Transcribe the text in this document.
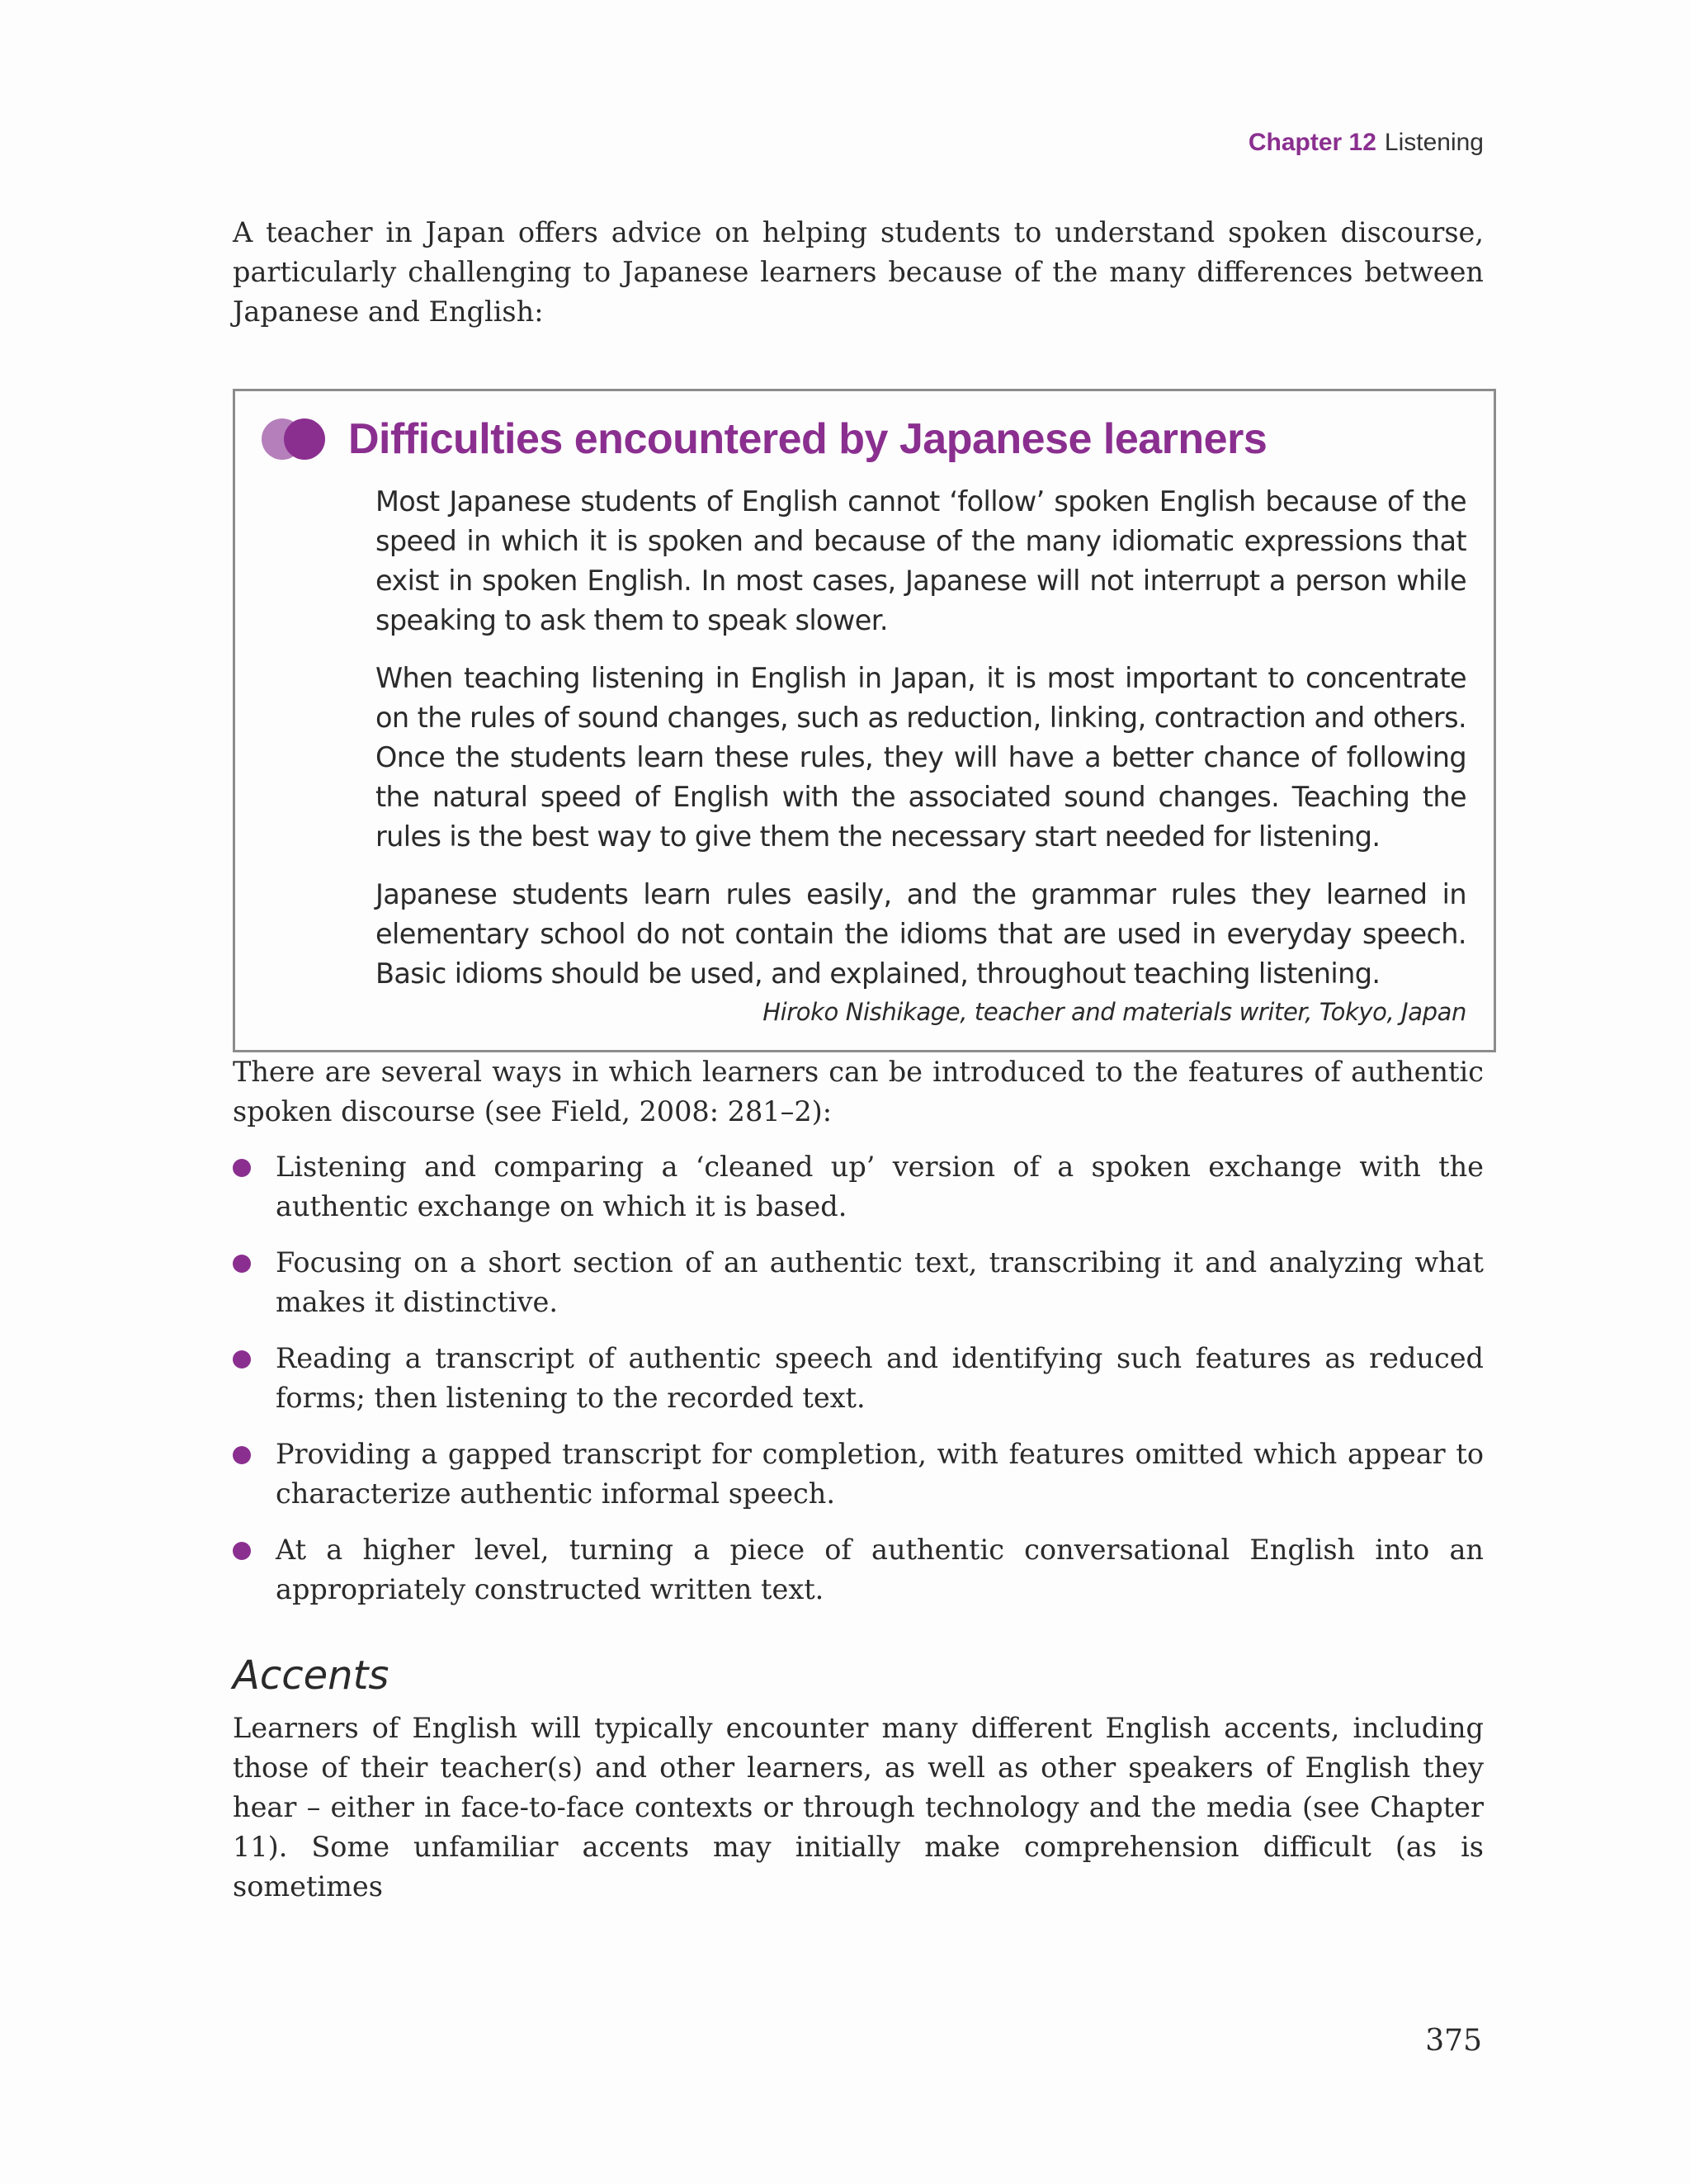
Chapter 12 Listening

A teacher in Japan offers advice on helping students to understand spoken discourse, particularly challenging to Japanese learners because of the many differences between Japanese and English:

Difficulties encountered by Japanese learners

Most Japanese students of English cannot ‘follow’ spoken English because of the speed in which it is spoken and because of the many idiomatic expressions that exist in spoken English. In most cases, Japanese will not interrupt a person while speaking to ask them to speak slower.

When teaching listening in English in Japan, it is most important to concentrate on the rules of sound changes, such as reduction, linking, contraction and others. Once the students learn these rules, they will have a better chance of following the natural speed of English with the associated sound changes. Teaching the rules is the best way to give them the necessary start needed for listening.

Japanese students learn rules easily, and the grammar rules they learned in elementary school do not contain the idioms that are used in everyday speech. Basic idioms should be used, and explained, throughout teaching listening.

Hiroko Nishikage, teacher and materials writer, Tokyo, Japan

There are several ways in which learners can be introduced to the features of authentic spoken discourse (see Field, 2008: 281–2):

Listening and comparing a ‘cleaned up’ version of a spoken exchange with the authentic exchange on which it is based.
Focusing on a short section of an authentic text, transcribing it and analyzing what makes it distinctive.
Reading a transcript of authentic speech and identifying such features as reduced forms; then listening to the recorded text.
Providing a gapped transcript for completion, with features omitted which appear to characterize authentic informal speech.
At a higher level, turning a piece of authentic conversational English into an appropriately constructed written text.
Accents

Learners of English will typically encounter many different English accents, including those of their teacher(s) and other learners, as well as other speakers of English they hear – either in face-to-face contexts or through technology and the media (see Chapter 11). Some unfamiliar accents may initially make comprehension difficult (as is sometimes

375
